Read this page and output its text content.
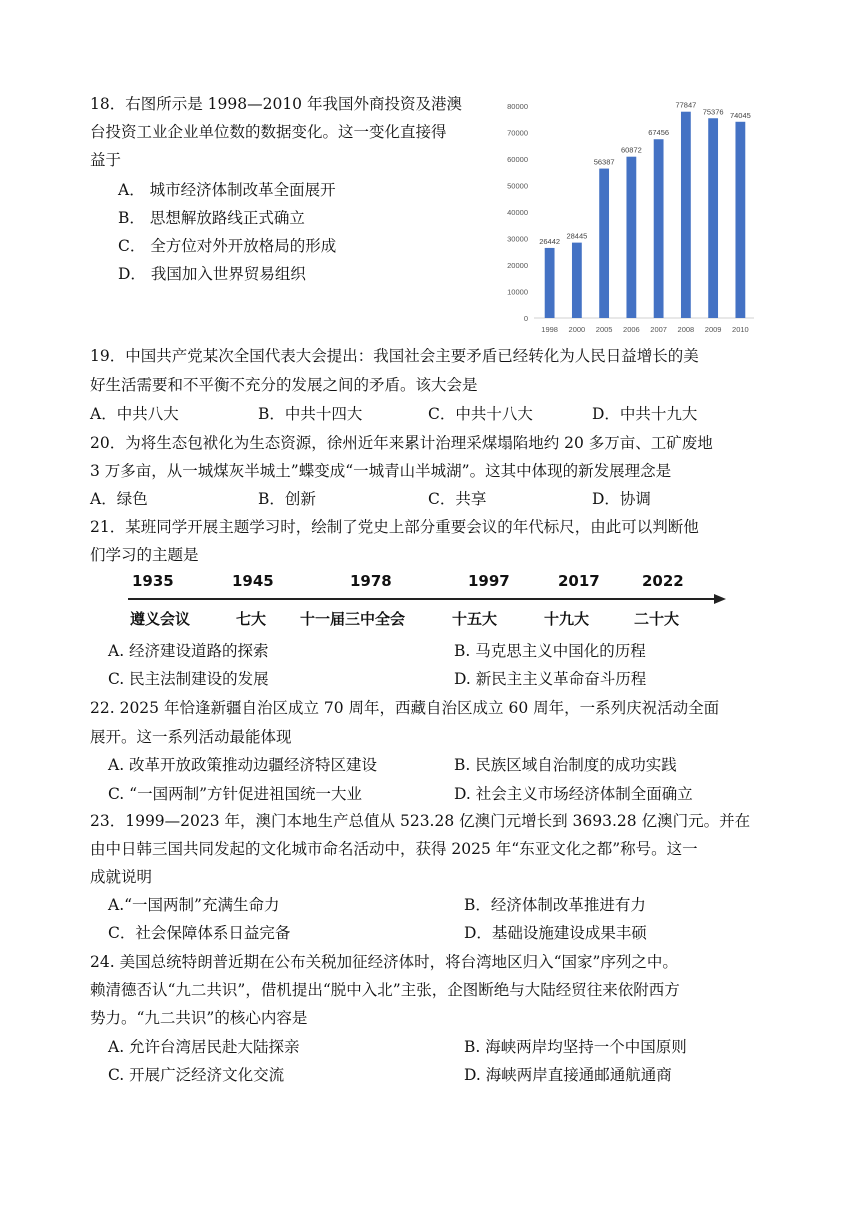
18．右图所示是 1998—2010 年我国外商投资及港澳
台投资工业企业单位数的数据变化。这一变化直接得
益于
A． 城市经济体制改革全面展开
B． 思想解放路线正式确立
C． 全方位对外开放格局的形成
D． 我国加入世界贸易组织
0
10000
20000
30000
40000
50000
60000
70000
80000
26442
1998
28445
2000
56387
2005
60872
2006
67456
2007
77847
2008
75376
2009
74045
2010
19．中国共产党某次全国代表大会提出：我国社会主要矛盾已经转化为人民日益增长的美
好生活需要和不平衡不充分的发展之间的矛盾。该大会是
A．中共八大	B．中共十四大	C．中共十八大	D．中共十九大
20．为将生态包袱化为生态资源，徐州近年来累计治理采煤塌陷地约 20 多万亩、工矿废地
3 万多亩，从一城煤灰半城土”蝶变成“一城青山半城湖”。这其中体现的新发展理念是
A．绿色	B．创新	C．共享	D．协调
21．某班同学开展主题学习时，绘制了党史上部分重要会议的年代标尺，由此可以判断他
们学习的主题是
1935	1945	1978	1997	2017	2022
遵义会议	七大 十一届三中全会	十五大	十九大	二十大
A. 经济建设道路的探索	B. 马克思主义中国化的历程
C. 民主法制建设的发展	D. 新民主主义革命奋斗历程
22. 2025 年恰逢新疆自治区成立 70 周年，西藏自治区成立 60 周年，一系列庆祝活动全面
展开。这一系列活动最能体现
A. 改革开放政策推动边疆经济特区建设	B. 民族区域自治制度的成功实践
C. “一国两制”方针促进祖国统一大业	D. 社会主义市场经济体制全面确立
23．1999—2023 年，澳门本地生产总值从 523.28 亿澳门元增长到 3693.28 亿澳门元。并在
由中日韩三国共同发起的文化城市命名活动中，获得 2025 年“东亚文化之都”称号。这一
成就说明
A.“一国两制”充满生命力	B．经济体制改革推进有力
C．社会保障体系日益完备	D．基础设施建设成果丰硕
24. 美国总统特朗普近期在公布关税加征经济体时，将台湾地区归入“国家”序列之中。
赖清德否认“九二共识”，借机提出“脱中入北”主张，企图断绝与大陆经贸往来依附西方
势力。“九二共识”的核心内容是
A. 允许台湾居民赴大陆探亲	B. 海峡两岸均坚持一个中国原则
C. 开展广泛经济文化交流	D. 海峡两岸直接通邮通航通商
